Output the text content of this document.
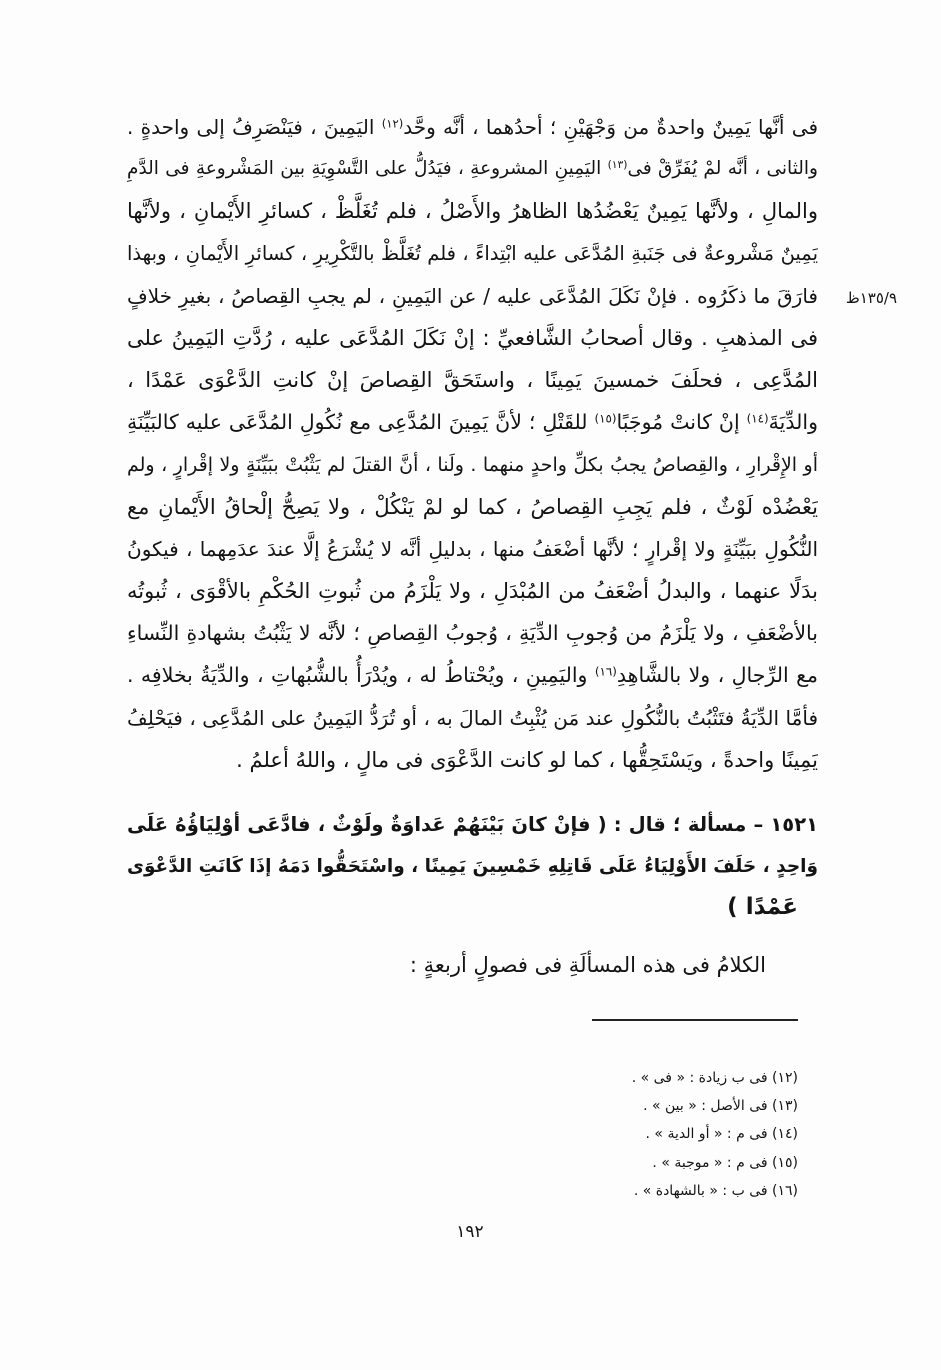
١٣٥/٩ظ
فى أنَّها يَمِينٌ واحدةٌ من وَجْهَيْنِ ؛ أحدُهما ، أنَّه وحَّد$^{(١٢)}$ اليَمِينَ ، فيَنْصَرِفُ إلى واحدةٍ .
والثانى ، أنَّه لمْ يُفَرِّقْ فى$^{(١٣)}$ اليَمِينِ المشروعةِ ، فيَدُلُّ على التَّسْوِيَةِ بين المَشْروعةِ فى الدَّمِ
والمالِ ، ولأنَّها يَمِينٌ يَعْضُدُها الظاهرُ والأَصْلُ ، فلم تُغَلَّظْ ، كسائرِ الأَيْمانِ ، ولأنَّها
يَمِينٌ مَشْروعةٌ فى جَنَبةِ المُدَّعَى عليه ابْتِداءً ، فلم تُغَلَّظْ بالتَّكْرِيرِ ، كسائرِ الأَيْمانِ ، وبهذا
فارَقَ ما ذكَرُوه . فإنْ نَكَلَ المُدَّعَى عليه / عن اليَمِينِ ، لم يجبِ القِصاصُ ، بغيرِ خلافٍ
فى المذهبِ . وقال أصحابُ الشَّافعيِّ : إنْ نَكَلَ المُدَّعَى عليه ، رُدَّتِ اليَمِينُ على
المُدَّعِى ، فحلَفَ خمسينَ يَمِينًا ، واستَحَقَّ القِصاصَ إنْ كانتِ الدَّعْوَى عَمْدًا ،
والدِّيَةَ$^{(١٤)}$ إنْ كانتْ مُوجَبًا$^{(١٥)}$ للقَتْلِ ؛ لأنَّ يَمِينَ المُدَّعِى مع نُكُولِ المُدَّعَى عليه كالبَيِّنَةِ
أو الإِقْرارِ ، والقِصاصُ يجبُ بكلِّ واحدٍ منهما . ولَنا ، أنَّ القتلَ لم يَثْبُتْ ببَيِّنَةٍ ولا إقْرارٍ ، ولم
يَعْضُدْه لَوْثٌ ، فلم يَجِبِ القِصاصُ ، كما لو لمْ يَنْكُلْ ، ولا يَصِحُّ إلْحاقُ الأَيْمانِ مع
النُّكُولِ ببَيِّنَةٍ ولا إقْرارٍ ؛ لأنَّها أضْعَفُ منها ، بدليلِ أنَّه لا يُشْرَعُ إلَّا عندَ عدَمِهما ، فيكونُ
بدَلًا عنهما ، والبدلُ أضْعَفُ من المُبْدَلِ ، ولا يَلْزَمُ من ثُبوتِ الحُكْمِ بالأقْوَى ، ثُبوتُه
بالأضْعَفِ ، ولا يَلْزَمُ من وُجوبِ الدِّيَةِ ، وُجوبُ القِصاصِ ؛ لأنَّه لا يَثْبُتُ بشهادةِ النِّساءِ
مع الرِّجالِ ، ولا بالشَّاهِدِ$^{(١٦)}$ واليَمِينِ ، ويُحْتاطُ له ، ويُدْرَأُ بالشُّبُهاتِ ، والدِّيَةُ بخلافِه .
فأمَّا الدِّيَةُ فتَثْبُتُ بالنُّكُولِ عند مَن يُثْبِتُ المالَ به ، أو تُرَدُّ اليَمِينُ على المُدَّعِى ، فيَحْلِفُ
يَمِينًا واحدةً ، ويَسْتَحِقُّها ، كما لو كانت الدَّعْوَى فى مالٍ ، واللهُ أعلمُ .
١٥٢١ – مسألة ؛ قال : ( فإنْ كانَ بَيْنَهُمْ عَداوَةٌ ولَوْثٌ ، فادَّعَى أوْلِيَاؤُهُ عَلَى
وَاحِدٍ ، حَلَفَ الأَوْلِيَاءُ عَلَى قَاتِلِهِ خَمْسِينَ يَمِينًا ، واسْتَحَقُّوا دَمَهُ إذَا كَانَتِ الدَّعْوَى
عَمْدًا )
الكلامُ فى هذه المسألَةِ فى فصولٍ أربعةٍ :
(١٢) فى ب زيادة : « فى » .
(١٣) فى الأصل : « بين » .
(١٤) فى م : « أو الدية » .
(١٥) فى م : « موجبة » .
(١٦) فى ب : « بالشهادة » .
١٩٢
